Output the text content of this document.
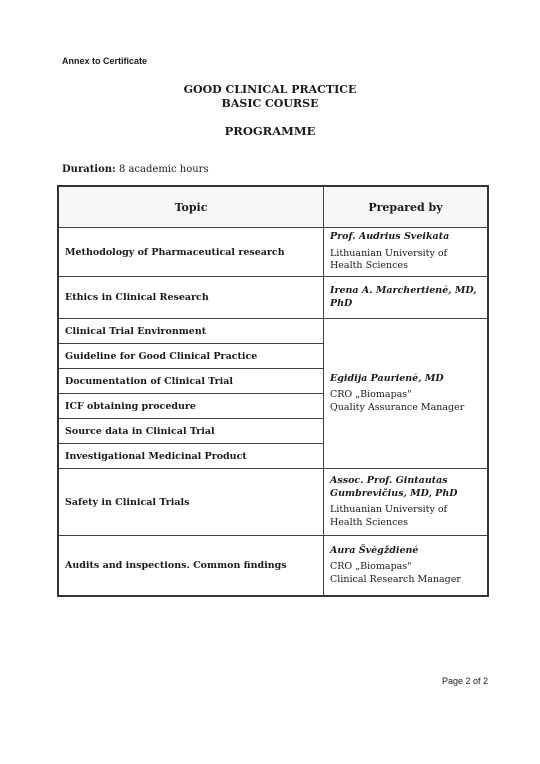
Annex to Certificate
GOOD CLINICAL PRACTICE
BASIC COURSE
PROGRAMME
Duration: 8 academic hours
Topic	Prepared by
Methodology of Pharmaceutical research	Prof. Audrius Sveikata
Lithuanian University of Health Sciences

Ethics in Clinical Research	Irena A. Marchertienė, MD, PhD

Clinical Trial Environment	Egidija Paurienė, MD
CRO „Biomapas"
Quality Assurance Manager

Guideline for Good Clinical Practice	
Documentation of Clinical Trial	
ICF obtaining procedure	
Source data in Clinical Trial	
Investigational Medicinal Product	
Safety in Clinical Trials	Assoc. Prof. Gintautas Gumbrevičius, MD, PhD
Lithuanian University of Health Sciences

Audits and inspections. Common findings	Aura Švėgždienė
CRO „Biomapas"
Clinical Research Manager
Page 2 of 2
